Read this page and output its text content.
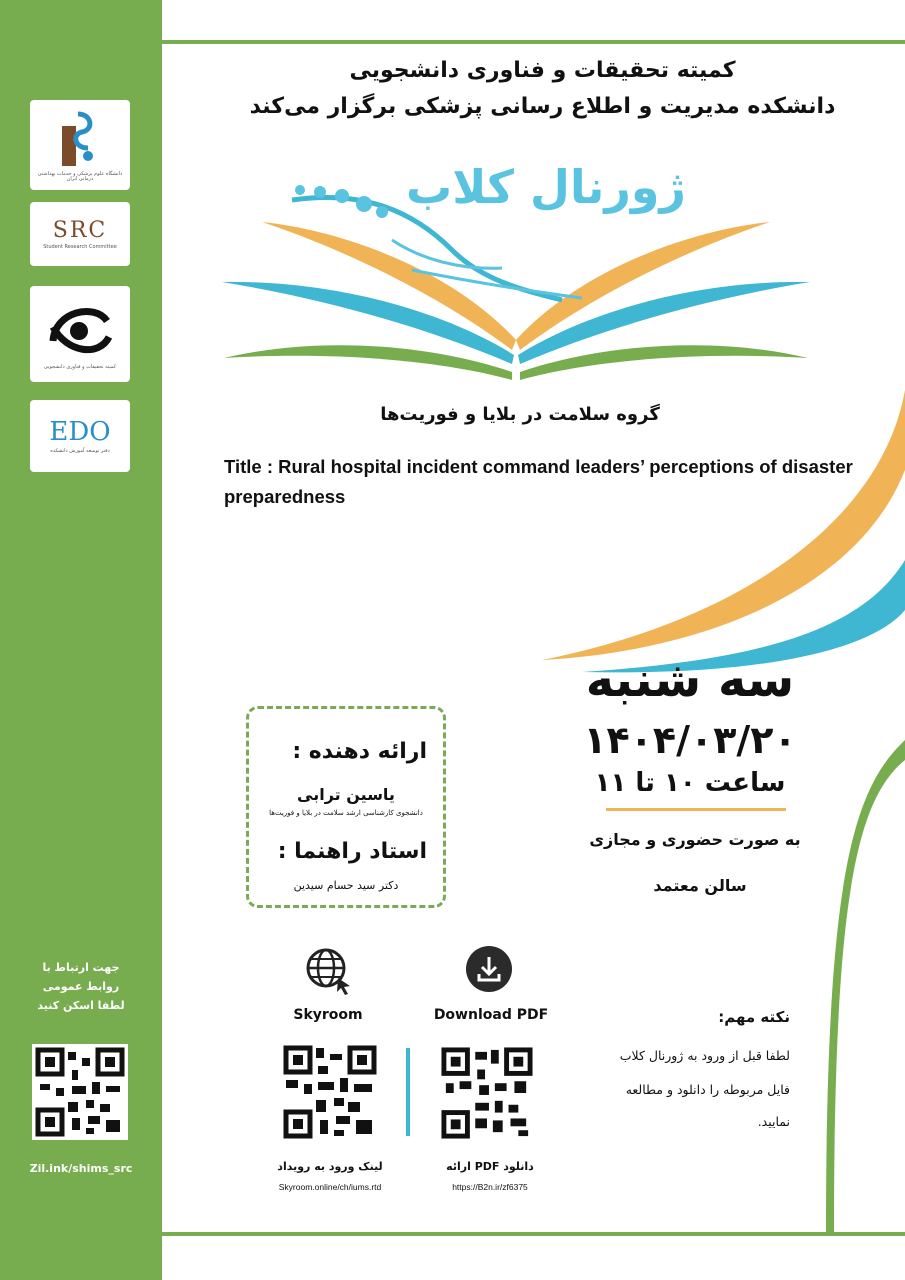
دانشگاه علوم پزشکی و خدمات بهداشتی درمانی ایران
SRC
Student Research Committee
کمیته تحقیقات و فناوری دانشجویی
EDO
دفتر توسعه آموزش دانشکده
جهت ارتباط با
روابط عمومی
لطفا اسکن کنید
Zil.ink/shims_src
کمیته تحقیقات و فناوری دانشجویی
دانشکده مدیریت و اطلاع رسانی پزشکی برگزار می‌کند
ژورنال کلاب
گروه سلامت در بلایا و فوریت‌ها
Title : Rural hospital incident command leaders’ perceptions of disaster preparedness
سه شنبه
۱۴۰۴/۰۳/۲۰
ساعت ۱۰ تا ۱۱
به صورت حضوری و مجازی
سالن معتمد
ارائه دهنده :
یاسین ترابی
دانشجوی کارشناسی ارشد سلامت در بلایا و فوریت‌ها
استاد راهنما :
دکتر سید حسام سیدین
Skyroom	Download PDF
لینک ورود به رویداد
Skyroom.online/ch/iums.rtd
دانلود PDF ارائه
https://B2n.ir/zf6375
نکته مهم:
لطفا قبل از ورود به ژورنال کلاب
فایل مربوطه را دانلود و مطالعه
نمایید.
